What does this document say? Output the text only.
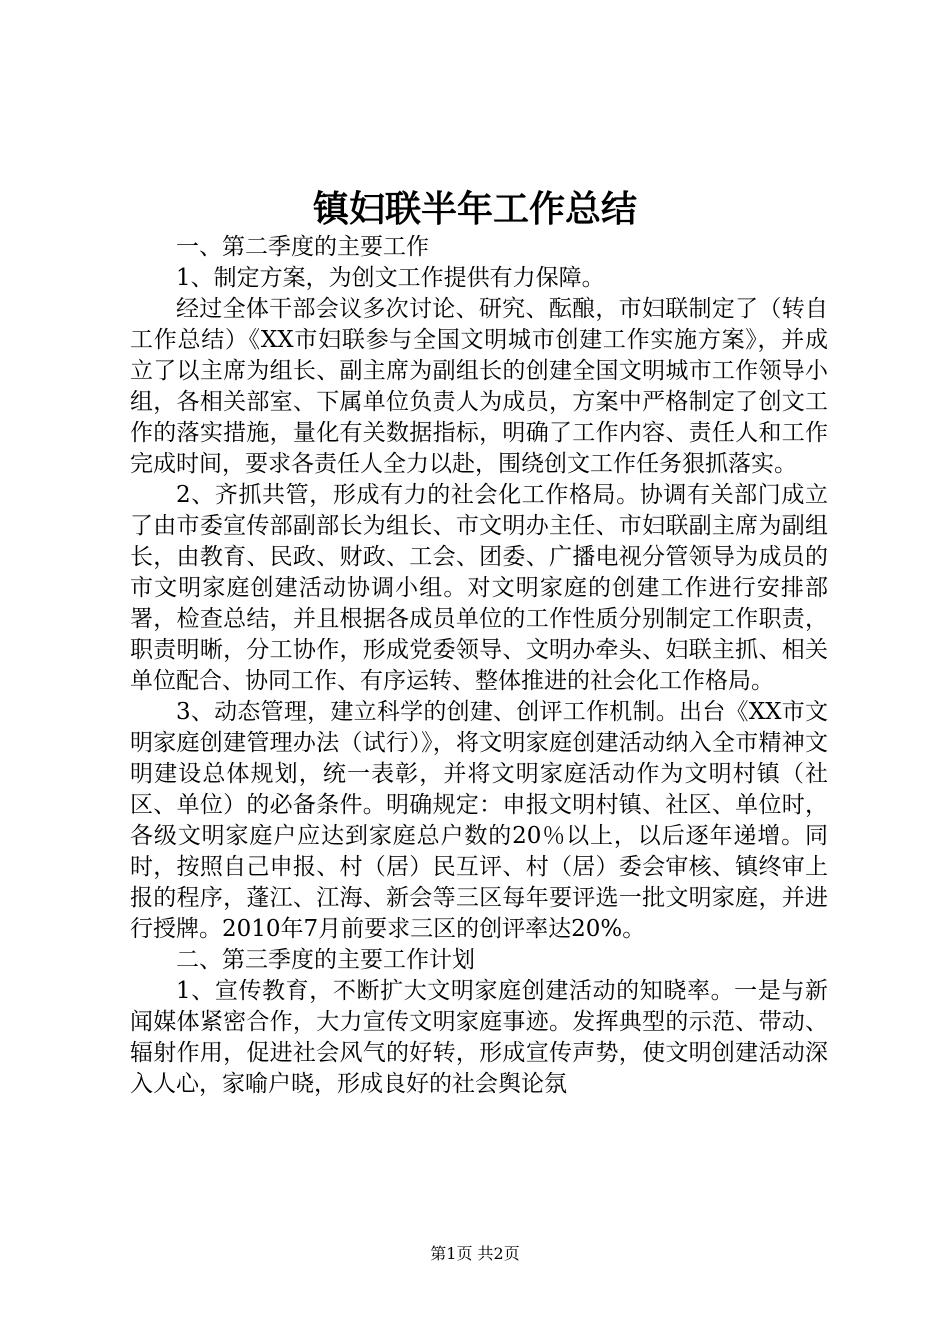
镇妇联半年工作总结

一、第二季度的主要工作

1、制定方案，为创文工作提供有力保障。

经过全体干部会议多次讨论、研究、酝酿，市妇联制定了（转自工作总结）《XX市妇联参与全国文明城市创建工作实施方案》，并成立了以主席为组长、副主席为副组长的创建全国文明城市工作领导小组，各相关部室、下属单位负责人为成员，方案中严格制定了创文工作的落实措施，量化有关数据指标，明确了工作内容、责任人和工作完成时间，要求各责任人全力以赴，围绕创文工作任务狠抓落实。

2、齐抓共管，形成有力的社会化工作格局。协调有关部门成立了由市委宣传部副部长为组长、市文明办主任、市妇联副主席为副组长，由教育、民政、财政、工会、团委、广播电视分管领导为成员的市文明家庭创建活动协调小组。对文明家庭的创建工作进行安排部署，检查总结，并且根据各成员单位的工作性质分别制定工作职责，职责明晰，分工协作，形成党委领导、文明办牵头、妇联主抓、相关单位配合、协同工作、有序运转、整体推进的社会化工作格局。

3、动态管理，建立科学的创建、创评工作机制。出台《XX市文明家庭创建管理办法（试行）》，将文明家庭创建活动纳入全市精神文明建设总体规划，统一表彰，并将文明家庭活动作为文明村镇（社区、单位）的必备条件。明确规定：申报文明村镇、社区、单位时，各级文明家庭户应达到家庭总户数的20％以上，以后逐年递增。同时，按照自己申报、村（居）民互评、村（居）委会审核、镇终审上报的程序，蓬江、江海、新会等三区每年要评选一批文明家庭，并进行授牌。2010年7月前要求三区的创评率达20%。

二、第三季度的主要工作计划

1、宣传教育，不断扩大文明家庭创建活动的知晓率。一是与新闻媒体紧密合作，大力宣传文明家庭事迹。发挥典型的示范、带动、辐射作用，促进社会风气的好转，形成宣传声势，使文明创建活动深入人心，家喻户晓，形成良好的社会舆论氛

第1页 共2页
